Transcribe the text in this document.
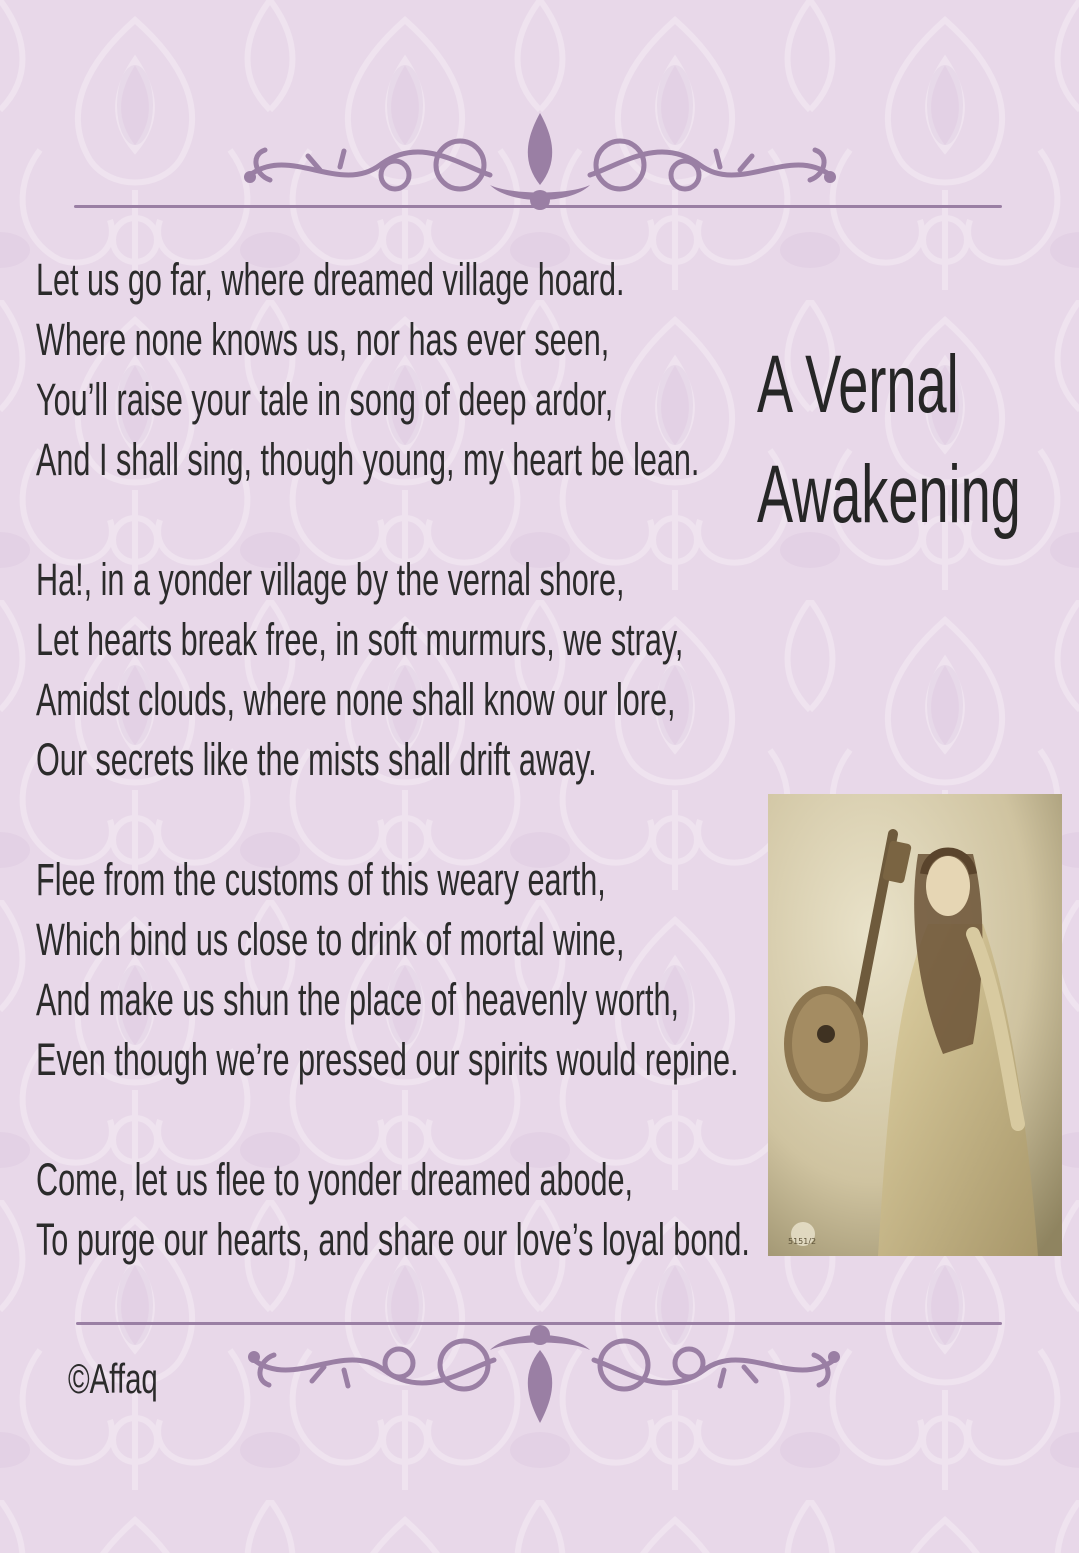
Let us go far, where dreamed village hoard.
Where none knows us, nor has ever seen,
You’ll raise your tale in song of deep ardor,
And I shall sing, though young, my heart be lean.
Ha!, in a yonder village by the vernal shore,
Let hearts break free, in soft murmurs, we stray,
Amidst clouds, where none shall know our lore,
Our secrets like the mists shall drift away.
Flee from the customs of this weary earth,
Which bind us close to drink of mortal wine,
And make us shun the place of heavenly worth,
Even though we’re pressed our spirits would repine.
Come, let us flee to yonder dreamed abode,
To purge our hearts, and share our love’s loyal bond.
A Vernal
Awakening
5151/2
©Affaq
